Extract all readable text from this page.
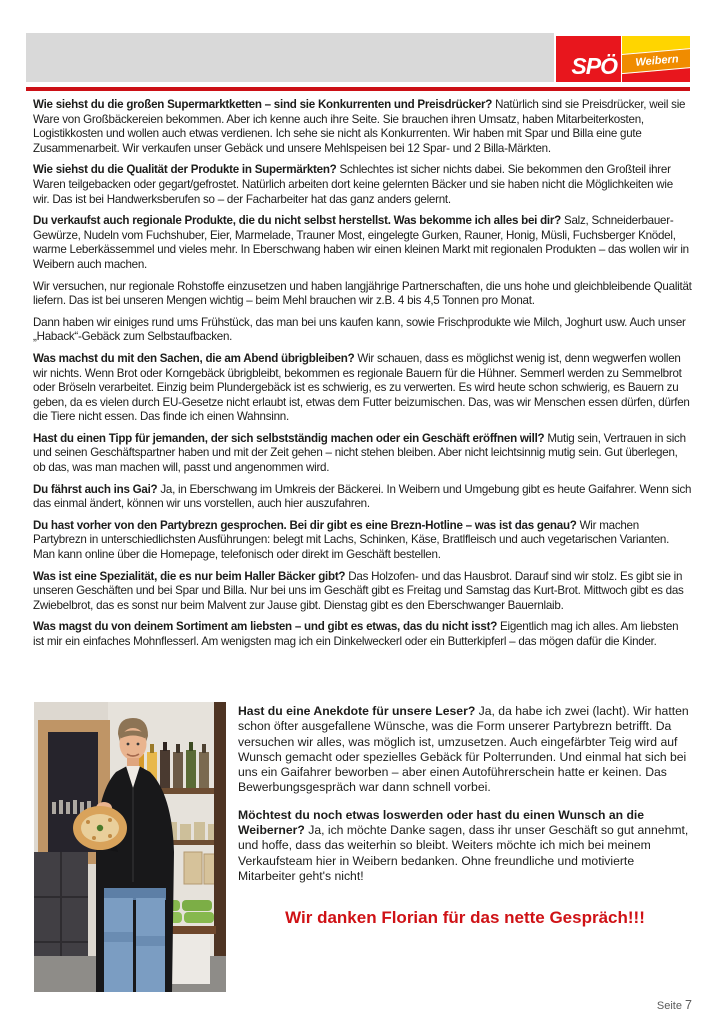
SPÖ Weibern

Wie siehst du die großen Supermarktketten – sind sie Konkurrenten und Preisdrücker? Natürlich sind sie Preisdrücker, weil sie Ware von Großbäckereien bekommen. Aber ich kenne auch ihre Seite. Sie brauchen ihren Umsatz, haben Mitarbeiterkosten, Logistikkosten und wollen auch etwas verdienen. Ich sehe sie nicht als Konkurrenten. Wir haben mit Spar und Billa eine gute Zusammenarbeit. Wir verkaufen unser Gebäck und unsere Mehlspeisen bei 12 Spar- und 2 Billa-Märkten.

Wie siehst du die Qualität der Produkte in Supermärkten? Schlechtes ist sicher nichts dabei. Sie bekommen den Großteil ihrer Waren teilgebacken oder gegart/gefrostet. Natürlich arbeiten dort keine gelernten Bäcker und sie haben nicht die Möglichkeiten wie wir. Das ist bei Handwerksberufen so – der Facharbeiter hat das ganz anders gelernt.

Du verkaufst auch regionale Produkte, die du nicht selbst herstellst. Was bekomme ich alles bei dir? Salz, Schneiderbauer-Gewürze, Nudeln vom Fuchshuber, Eier, Marmelade, Trauner Most, eingelegte Gurken, Rauner, Honig, Müsli, Fuchsberger Knödel, warme Leberkässemmel und vieles mehr. In Eberschwang haben wir einen kleinen Markt mit regionalen Produkten – das wollen wir in Weibern auch machen.

Wir versuchen, nur regionale Rohstoffe einzusetzen und haben langjährige Partnerschaften, die uns hohe und gleichbleibende Qualität liefern. Das ist bei unseren Mengen wichtig – beim Mehl brauchen wir z.B. 4 bis 4,5 Tonnen pro Monat.

Dann haben wir einiges rund ums Frühstück, das man bei uns kaufen kann, sowie Frischprodukte wie Milch, Joghurt usw. Auch unser „Haback“-Gebäck zum Selbstaufbacken.

Was machst du mit den Sachen, die am Abend übrigbleiben? Wir schauen, dass es möglichst wenig ist, denn wegwerfen wollen wir nichts. Wenn Brot oder Korngebäck übrigbleibt, bekommen es regionale Bauern für die Hühner. Semmerl werden zu Semmelbrot oder Bröseln verarbeitet. Einzig beim Plundergebäck ist es schwierig, es zu verwerten. Es wird heute schon schwierig, es Bauern zu geben, da es vielen durch EU-Gesetze nicht erlaubt ist, etwas dem Futter beizumischen. Das, was wir Menschen essen dürfen, dürfen die Tiere nicht essen. Das finde ich einen Wahnsinn.

Hast du einen Tipp für jemanden, der sich selbstständig machen oder ein Geschäft eröffnen will? Mutig sein, Vertrauen in sich und seinen Geschäftspartner haben und mit der Zeit gehen – nicht stehen bleiben. Aber nicht leichtsinnig mutig sein. Gut überlegen, ob das, was man machen will, passt und angenommen wird.

Du fährst auch ins Gai? Ja, in Eberschwang im Umkreis der Bäckerei. In Weibern und Umgebung gibt es heute Gaifahrer. Wenn sich das einmal ändert, können wir uns vorstellen, auch hier auszufahren.

Du hast vorher von den Partybrezn gesprochen. Bei dir gibt es eine Brezn-Hotline – was ist das genau? Wir machen Partybrezn in unterschiedlichsten Ausführungen: belegt mit Lachs, Schinken, Käse, Bratlfleisch und auch vegetarischen Varianten. Man kann online über die Homepage, telefonisch oder direkt im Geschäft bestellen.

Was ist eine Spezialität, die es nur beim Haller Bäcker gibt? Das Holzofen- und das Hausbrot. Darauf sind wir stolz. Es gibt sie in unseren Geschäften und bei Spar und Billa. Nur bei uns im Geschäft gibt es Freitag und Samstag das Kurt-Brot. Mittwoch gibt es das Zwiebelbrot, das es sonst nur beim Malvent zur Jause gibt. Dienstag gibt es den Eberschwanger Bauernlaib.

Was magst du von deinem Sortiment am liebsten – und gibt es etwas, das du nicht isst? Eigentlich mag ich alles. Am liebsten ist mir ein einfaches Mohnflesserl. Am wenigsten mag ich ein Dinkelweckerl oder ein Butterkipferl – das mögen dafür die Kinder.

Hast du eine Anekdote für unsere Leser? Ja, da habe ich zwei (lacht). Wir hatten schon öfter ausgefallene Wünsche, was die Form unserer Partybrezn betrifft. Da versuchen wir alles, was möglich ist, umzusetzen. Auch eingefärbter Teig wird auf Wunsch gemacht oder spezielles Gebäck für Polterrunden. Und einmal hat sich bei uns ein Gaifahrer beworben – aber einen Autoführerschein hatte er keinen. Das Bewerbungsgespräch war dann schnell vorbei.

Möchtest du noch etwas loswerden oder hast du einen Wunsch an die Weiberner? Ja, ich möchte Danke sagen, dass ihr unser Geschäft so gut annehmt, und hoffe, dass das weiterhin so bleibt. Weiters möchte ich mich bei meinem Verkaufsteam hier in Weibern bedanken. Ohne freundliche und motivierte Mitarbeiter geht's nicht!

Wir danken Florian für das nette Gespräch!!!
Seite 7
